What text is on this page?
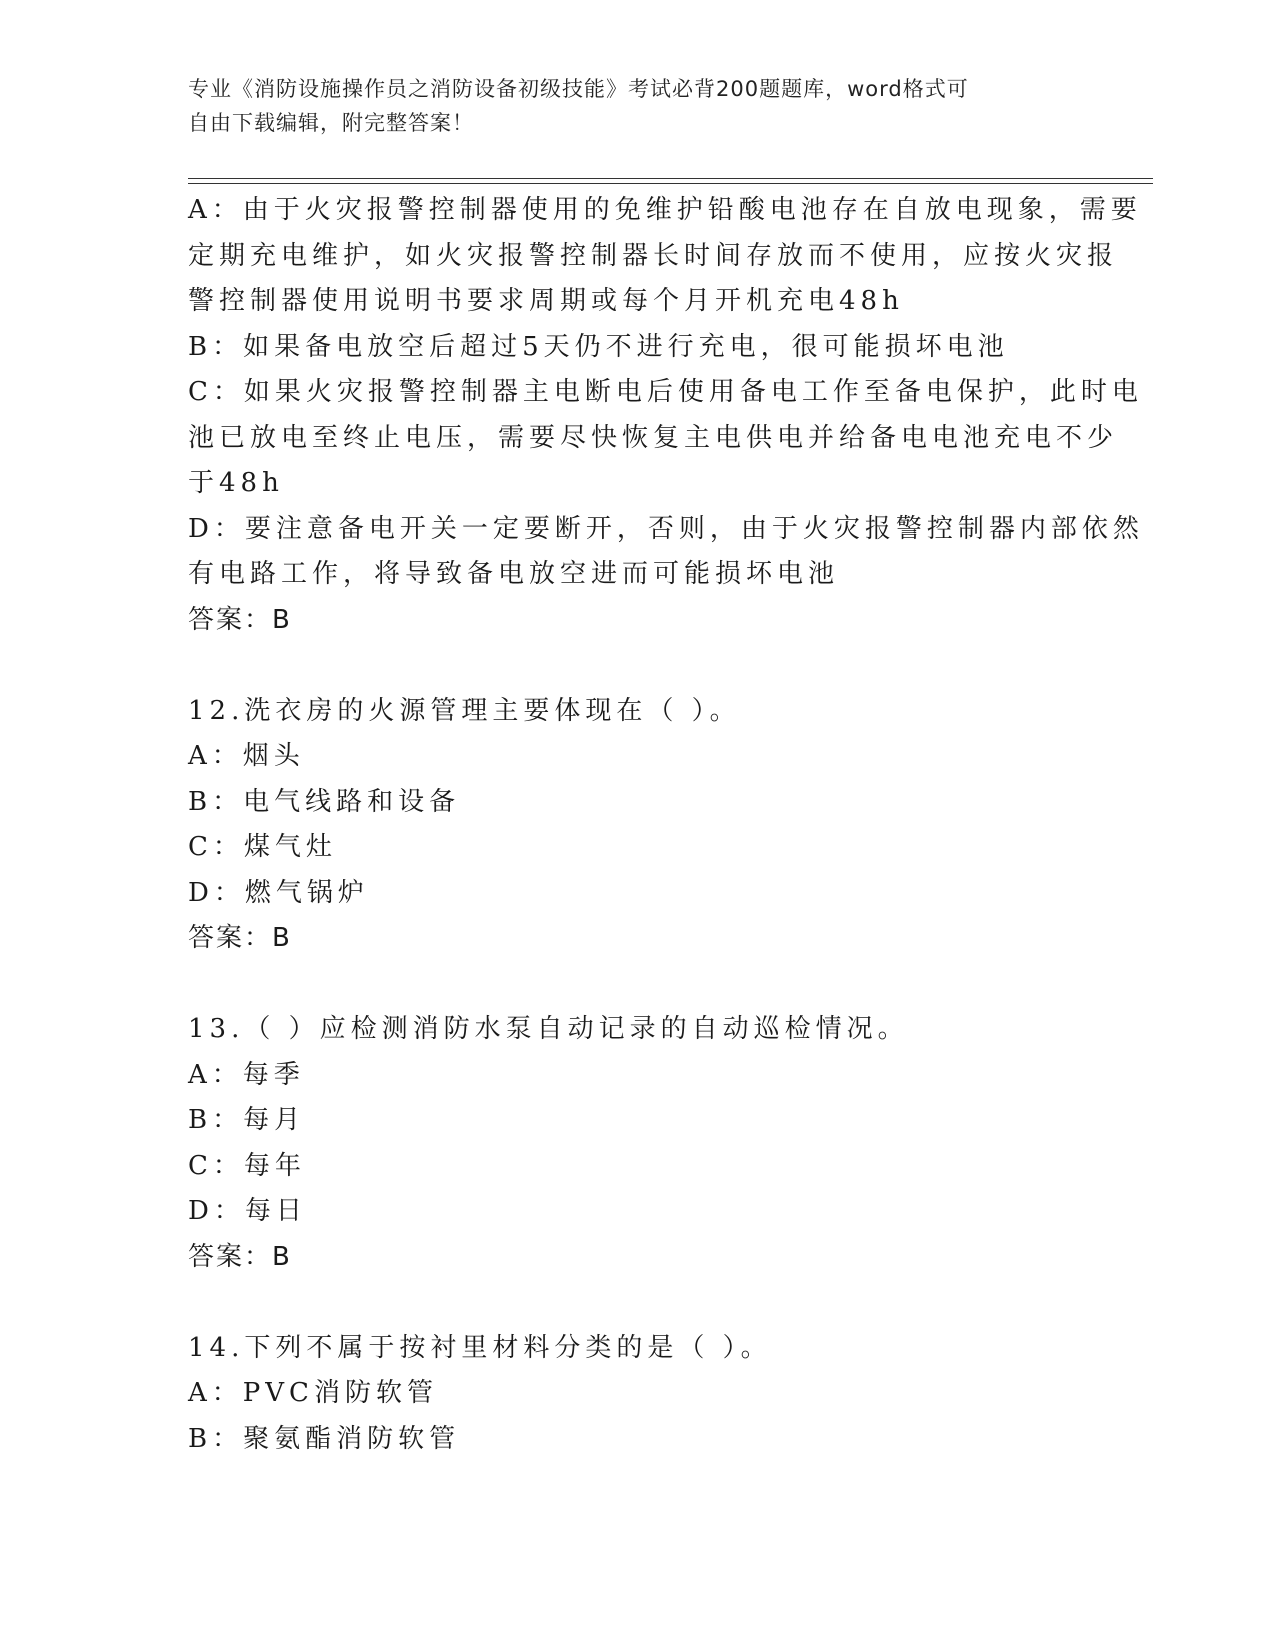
专业《消防设施操作员之消防设备初级技能》考试必背200题题库，word格式可
自由下载编辑，附完整答案！
A：由于火灾报警控制器使用的免维护铅酸电池存在自放电现象，需要
定期充电维护，如火灾报警控制器长时间存放而不使用，应按火灾报
警控制器使用说明书要求周期或每个月开机充电48h
B：如果备电放空后超过5天仍不进行充电，很可能损坏电池
C：如果火灾报警控制器主电断电后使用备电工作至备电保护，此时电
池已放电至终止电压，需要尽快恢复主电供电并给备电电池充电不少
于48h
D：要注意备电开关一定要断开，否则，由于火灾报警控制器内部依然
有电路工作，将导致备电放空进而可能损坏电池
答案：B
12.洗衣房的火源管理主要体现在（ ）。
A：烟头
B：电气线路和设备
C：煤气灶
D：燃气锅炉
答案：B
13.（ ）应检测消防水泵自动记录的自动巡检情况。
A：每季
B：每月
C：每年
D：每日
答案：B
14.下列不属于按衬里材料分类的是（ ）。
A：PVC消防软管
B：聚氨酯消防软管
